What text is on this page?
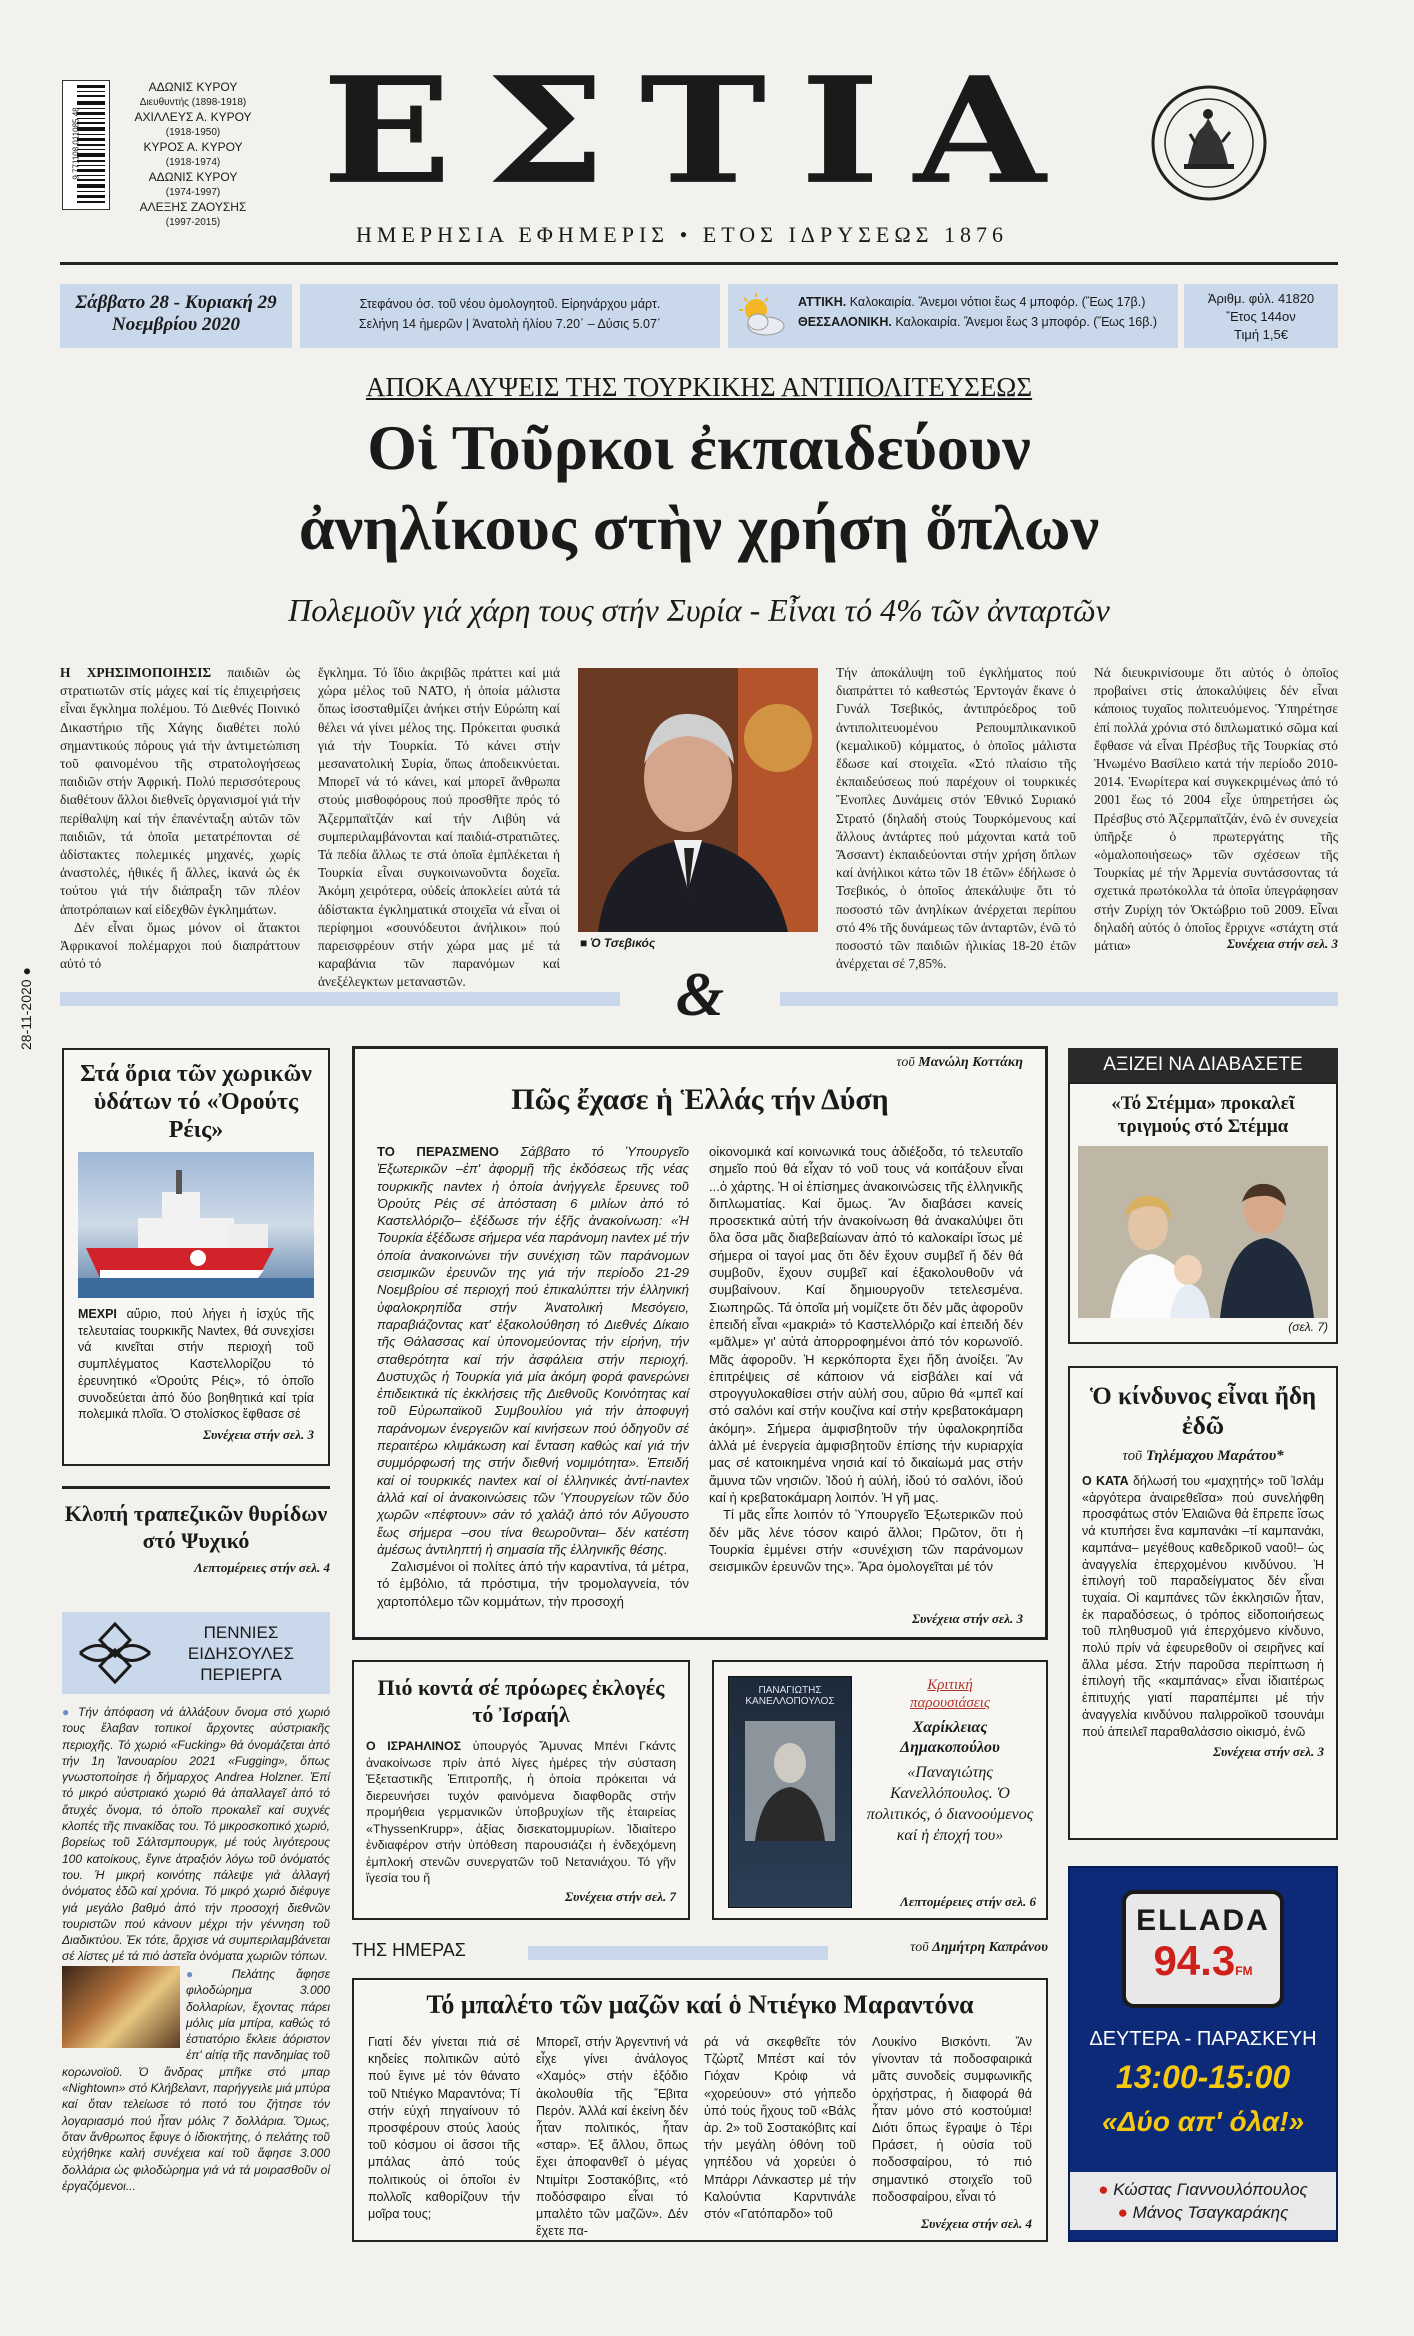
9 771108 011085 48
ΑΔΩΝΙΣ ΚΥΡΟΥ
Διευθυντής (1898-1918)
ΑΧΙΛΛΕΥΣ Α. ΚΥΡΟΥ
(1918-1950)
ΚΥΡΟΣ Α. ΚΥΡΟΥ
(1918-1974)
ΑΔΩΝΙΣ ΚΥΡΟΥ
(1974-1997)
ΑΛΕΞΗΣ ΖΑΟΥΣΗΣ
(1997-2015)
ΕΣΤΙΑ
ΗΜΕΡΗΣΙΑ ΕΦΗΜΕΡΙΣ • ΕΤΟΣ ΙΔΡΥΣΕΩΣ 1876
Σάββατο 28 - Κυριακή 29
Νοεμβρίου 2020
Στεφάνου όσ. τοῦ νέου ὁμολογητοῦ. Εἰρηνάρχου μάρτ.
Σελήνη 14 ἡμερῶν | Ἀνατολὴ ἡλίου 7.20΄ – Δύσις 5.07΄
ΑΤΤΙΚΗ. Καλοκαιρία. Ἄνεμοι νότιοι ἕως 4 μποφόρ. (Ἕως 17β.)
ΘΕΣΣΑΛΟΝΙΚΗ. Καλοκαιρία. Ἄνεμοι ἕως 3 μποφόρ. (Ἕως 16β.)
Ἀριθμ. φύλ. 41820
Ἔτος 144ον
Τιμή 1,5€
28-11-2020 ●
ΑΠΟΚΑΛΥΨΕΙΣ ΤΗΣ ΤΟΥΡΚΙΚΗΣ ΑΝΤΙΠΟΛΙΤΕΥΣΕΩΣ
Οἱ Τοῦρκοι ἐκπαιδεύουν
ἀνηλίκους στὴν χρήση ὅπλων
Πολεμοῦν γιά χάρη τους στήν Συρία - Εἶναι τό 4% τῶν ἀνταρτῶν
Η ΧΡΗΣΙΜΟΠΟΙΗΣΙΣ παιδιῶν ὡς στρατιωτῶν στίς μάχες καί τίς ἐπιχειρήσεις εἶναι ἔγκλημα πολέμου. Τό Διεθνές Ποινικό Δικαστήριο τῆς Χάγης διαθέτει πολύ σημαντικούς πόρους γιά τήν ἀντιμετώπιση τοῦ φαινομένου τῆς στρατολογήσεως παιδιῶν στήν Ἀφρική. Πολύ περισσότερους διαθέτουν ἄλλοι διεθνεῖς ὀργανισμοί γιά τήν περίθαλψη καί τήν ἐπανένταξη αὐτῶν τῶν παιδιῶν, τά ὁποῖα μετατρέπονται σέ ἀδίστακτες πολεμικές μηχανές, χωρίς ἀναστολές, ἠθικές ἤ ἄλλες, ἱκανά ὡς ἐκ τούτου γιά τήν διάπραξη τῶν πλέον ἀποτρόπαιων καί εἰδεχθῶν ἐγκλημάτων.

Δέν εἶναι ὅμως μόνον οἱ ἄτακτοι Ἀφρικανοί πολέμαρχοι πού διαπράττουν αὐτό τό

ἔγκλημα. Τό ἴδιο ἀκριβῶς πράττει καί μιά χώρα μέλος τοῦ ΝΑΤΟ, ἡ ὁποία μάλιστα ὅπως ἰσοσταθμίζει ἀνήκει στήν Εὐρώπη καί θέλει νά γίνει μέλος της. Πρόκειται φυσικά γιά τήν Τουρκία. Τό κάνει στήν μεσανατολική Συρία, ὅπως ἀποδεικνύεται. Μπορεῖ νά τό κάνει, καί μπορεῖ ἄνθρωπα στούς μισθοφόρους πού προσθῆτε πρός τό Ἀζερμπαϊτζάν καί τήν Λιβύη νά συμπεριλαμβάνονται καί παιδιά-στρατιῶτες. Τά πεδία ἄλλως τε στά ὁποῖα ἐμπλέκεται ἡ Τουρκία εἶναι συγκοινωνοῦντα δοχεῖα. Ἀκόμη χειρότερα, οὐδείς ἀποκλείει αὐτά τά ἀδίστακτα ἐγκληματικά στοιχεῖα νά εἶναι οἱ περίφημοι «σουνόδευτοι ἀνήλικοι» πού παρεισφρέουν στήν χώρα μας μέ τά καραβάνια τῶν παρανόμων καί ἀνεξέλεγκτων μεταναστῶν.
■ Ὁ Τσεβικός
Τήν ἀποκάλυψη τοῦ ἐγκλήματος πού διαπράττει τό καθεστώς Ἐρντογάν ἔκανε ὁ Γυνάλ Τσεβικός, ἀντιπρόεδρος τοῦ ἀντιπολιτευομένου Ρεπουμπλικανικοῦ (κεμαλικοῦ) κόμματος, ὁ ὁποῖος μάλιστα ἔδωσε καί στοιχεῖα. «Στό πλαίσιο τῆς ἐκπαιδεύσεως πού παρέχουν οἱ τουρκικές Ἔνοπλες Δυνάμεις στόν Ἐθνικό Συριακό Στρατό (δηλαδή στούς Τουρκόμενους καί ἄλλους ἀντάρτες πού μάχονται κατά τοῦ Ἄσσαντ) ἐκπαιδεύονται στήν χρήση ὅπλων καί ἀνήλικοι κάτω τῶν 18 ἐτῶν» ἐδήλωσε ὁ Τσεβικός, ὁ ὁποῖος ἀπεκάλυψε ὅτι τό ποσοστό τῶν ἀνηλίκων ἀνέρχεται περίπου στό 4% τῆς δυνάμεως τῶν ἀνταρτῶν, ἐνῶ τό ποσοστό τῶν παιδιῶν ἡλικίας 18-20 ἐτῶν ἀνέρχεται σέ 7,85%.
Νά διευκρινίσουμε ὅτι αὐτός ὁ ὁποῖος προβαίνει στίς ἀποκαλύψεις δέν εἶναι κάποιος τυχαῖος πολιτευόμενος. Ὑπηρέτησε ἐπί πολλά χρόνια στό διπλωματικό σῶμα καί ἔφθασε νά εἶναι Πρέσβυς τῆς Τουρκίας στό Ἠνωμένο Βασίλειο κατά τήν περίοδο 2010-2014. Ἐνωρίτερα καί συγκεκριμένως ἀπό τό 2001 ἕως τό 2004 εἶχε ὑπηρετήσει ὡς Πρέσβυς στό Ἀζερμπαϊτζάν, ἐνῶ ἐν συνεχεία ὑπῆρξε ὁ πρωτεργάτης τῆς «ὁμαλοποιήσεως» τῶν σχέσεων τῆς Τουρκίας μέ τήν Ἀρμενία συντάσσοντας τά σχετικά πρωτόκολλα τά ὁποῖα ὑπεγράφησαν στήν Ζυρίχη τόν Ὀκτώβριο τοῦ 2009. Εἶναι δηλαδή αὐτός ὁ ὁποῖος ἔρριχνε «στάχτη στά μάτια»	Συνέχεια στήν σελ. 3
&
Στά ὅρια τῶν χωρικῶν ὑδάτων τό «Ὀρούτς Ρέις»
ΜΕΧΡΙ αὔριο, πού λήγει ἡ ἰσχύς τῆς τελευταίας τουρκικῆς Navtex, θά συνεχίσει νά κινεῖται στήν περιοχή τοῦ συμπλέγματος Καστελλορίζου τό ἐρευνητικό «Ὀρούτς Ρέις», τό ὁποῖο συνοδεύεται ἀπό δύο βοηθητικά καί τρία πολεμικά πλοῖα. Ὁ στολίσκος ἔφθασε σέ
Συνέχεια στήν σελ. 3
Κλοπή τραπεζικῶν θυρίδων στό Ψυχικό
Λεπτομέρειες στήν σελ. 4
ΠΕΝΝΙΕΣ
ΕΙΔΗΣΟΥΛΕΣ
ΠΕΡΙΕΡΓΑ
● Τήν ἀπόφαση νά ἀλλάξουν ὄνομα στό χωριό τους ἔλαβαν τοπικοί ἄρχοντες αὐστριακῆς περιοχῆς. Τό χωριό «Fucking» θά ὀνομάζεται ἀπό τήν 1η Ἰανουαρίου 2021 «Fugging», ὅπως γνωστοποίησε ἡ δήμαρχος Andrea Holzner. Ἐπί τό μικρό αὐστριακό χωριό θά ἀπαλλαγεῖ ἀπό τό ἄτυχές ὄνομα, τό ὁποῖο προκαλεῖ καί συχνές κλοπές τῆς πινακίδας του. Τό μικροσκοπικό χωριό, βορείως τοῦ Σάλτσμπουργκ, μέ τούς λιγότερους 100 κατοίκους, ἔγινε ἀτραξιόν λόγω τοῦ ὀνόματός του. Ἡ μικρή κοινότης πάλεψε γιά ἀλλαγή ὀνόματος ἐδῶ καί χρόνια. Τό μικρό χωριό διέφυγε γιά μεγάλο βαθμό ἀπό τήν προσοχή διεθνῶν τουριστῶν πού κάνουν μέχρι τήν γέννηση τοῦ Διαδικτύου. Ἐκ τότε, ἄρχισε νά συμπεριλαμβάνεται σέ λίστες μέ τά πιό ἀστεῖα ὀνόματα χωριῶν τόπων.
● Πελάτης ἄφησε φιλοδώρημα 3.000 δολλαρίων, ἔχοντας πάρει μόλις μία μπίρα, καθώς τό ἑστιατόριο ἔκλειε ἀόριστον ἐπ' αἰτίᾳ τῆς πανδημίας τοῦ κορωνοϊοῦ. Ὁ ἄνδρας μπῆκε στό μπαρ «Nightown» στό Κλήβελαντ, παρήγγειλε μιά μπύρα καί ὅταν τελείωσε τό ποτό του ζήτησε τόν λογαριασμό πού ἦταν μόλις 7 δολλάρια. Ὅμως, ὅταν ἄνθρωπος ἔφυγε ὁ ἰδιοκτήτης, ὁ πελάτης τοῦ εὐχήθηκε καλή συνέχεια καί τοῦ ἄφησε 3.000 δολλάρια ὡς φιλοδώρημα γιά νά τά μοιρασθοῦν οἱ ἐργαζόμενοι...
τοῦ Μανώλη Κοττάκη
Πῶς ἔχασε ἡ Ἑλλάς τήν Δύση
ΤΟ ΠΕΡΑΣΜΕΝΟ Σάββατο τό Ὑπουργεῖο Ἐξωτερικῶν –ἐπ' ἀφορμῇ τῆς ἐκδόσεως τῆς νέας τουρκικῆς navtex ἡ ὁποία ἀνήγγελε ἔρευνες τοῦ Ὀρούτς Ρέις σέ ἀπόσταση 6 μιλίων ἀπό τό Καστελλόριζο– ἐξέδωσε τήν ἑξῆς ἀνακοίνωση: «Ἡ Τουρκία ἐξέδωσε σήμερα νέα παράνομη navtex μέ τήν ὁποία ἀνακοινώνει τήν συνέχιση τῶν παράνομων σεισμικῶν ἐρευνῶν της γιά τήν περίοδο 21-29 Νοεμβρίου σέ περιοχή πού ἐπικαλύπτει τήν ἑλληνική ὑφαλοκρηπίδα στήν Ἀνατολική Μεσόγειο, παραβιάζοντας κατ' ἐξακολούθηση τό Διεθνές Δίκαιο τῆς Θάλασσας καί ὑπονομεύοντας τήν εἰρήνη, τήν σταθερότητα καί τήν ἀσφάλεια στήν περιοχή. Δυστυχῶς ἡ Τουρκία γιά μία ἀκόμη φορά φανερώνει ἐπιδεικτικά τίς ἐκκλήσεις τῆς Διεθνοῦς Κοινότητας καί τοῦ Εὐρωπαϊκοῦ Συμβουλίου γιά τήν ἀποφυγή παράνομων ἐνεργειῶν καί κινήσεων πού ὁδηγοῦν σέ περαιτέρω κλιμάκωση καί ἔνταση καθώς καί γιά τήν συμμόρφωσή της στήν διεθνή νομιμότητα». Ἐπειδή καί οἱ τουρκικές navtex καί οἱ ἑλληνικές ἀντί-navtex ἀλλά καί οἱ ἀνακοινώσεις τῶν Ὑπουργείων τῶν δύο χωρῶν «πέφτουν» σάν τό χαλάζι ἀπό τόν Αὔγουστο ἕως σήμερα –σου τίνα θεωροῦνται– δέν κατέστη ἀμέσως ἀντιληπτή ἡ σημασία τῆς ἑλληνικῆς θέσης.

Ζαλισμένοι οἱ πολίτες ἀπό τήν καραντίνα, τά μέτρα, τό ἐμβόλιο, τά πρόστιμα, τήν τρομολαγνεία, τόν χαρτοπόλεμο τῶν κομμάτων, τήν προσοχή

οἰκονομικά καί κοινωνικά τους ἀδιέξοδα, τό τελευταῖο σημεῖο πού θά εἶχαν τό νοῦ τους νά κοιτάξουν εἶναι ...ὁ χάρτης. Ἡ οἱ ἐπίσημες ἀνακοινώσεις τῆς ἑλληνικῆς διπλωματίας. Καί ὅμως. Ἄν διαβάσει κανείς προσεκτικά αὐτή τήν ἀνακοίνωση θά ἀνακαλύψει ὅτι ὅλα ὅσα μᾶς διαβεβαίωναν ἀπό τό καλοκαίρι ἴσως μέ σήμερα οἱ ταγοί μας ὅτι δέν ἔχουν συμβεῖ ἤ δέν θά συμβοῦν, ἔχουν συμβεῖ καί ἐξακολουθοῦν νά συμβαίνουν. Καί δημιουργοῦν τετελεσμένα. Σιωπηρῶς. Τά ὁποῖα μή νομίζετε ὅτι δέν μᾶς ἀφοροῦν ἐπειδή εἶναι «μακριά» τό Καστελλόριζο καί ἐπειδή δέν «μᾶλμε» γι' αὐτά ἀπορροφημένοι ἀπό τόν κορωνοϊό. Μᾶς ἀφοροῦν. Ἡ κερκόπορτα ἔχει ἤδη ἀνοίξει. Ἄν ἐπιτρέψεις σέ κάποιον νά εἰσβάλει καί νά στρογγυλοκαθίσει στήν αὐλή σου, αὔριο θά «μπεῖ καί στό σαλόνι καί στήν κουζίνα καί στήν κρεβατοκάμαρη ἀκόμη». Σήμερα ἀμφισβητοῦν τήν ὑφαλοκρηπίδα ἀλλά μέ ἐνεργεία ἀμφισβητοῦν ἐπίσης τήν κυριαρχία μας σέ κατοικημένα νησιά καί τό δικαίωμά μας στήν ἄμυνα τῶν νησιῶν. Ἰδού ἡ αὐλή, ἰδού τό σαλόνι, ἰδού καί ἡ κρεβατοκάμαρη λοιπόν. Ἡ γῆ μας.

Τί μᾶς εἶπε λοιπόν τό Ὑπουργεῖο Ἐξωτερικῶν πού δέν μᾶς λένε τόσον καιρό ἄλλοι; Πρῶτον, ὅτι ἡ Τουρκία ἐμμένει στήν «συνέχιση τῶν παράνομων σεισμικῶν ἐρευνῶν της». Ἄρα ὁμολογεῖται μέ τόν

Συνέχεια στήν σελ. 3
ΑΞΙΖΕΙ ΝΑ ΔΙΑΒΑΣΕΤΕ
«Τό Στέμμα» προκαλεῖ τριγμούς στό Στέμμα
(σελ. 7)
Ὁ κίνδυνος εἶναι ἤδη ἐδῶ
τοῦ Τηλέμαχου Μαράτου*
Ο ΚΑΤΑ δήλωσή του «μαχητής» τοῦ Ἰσλάμ «ἀργότερα ἀναιρεθεῖσα» πού συνελήφθη προσφάτως στόν Ἐλαιῶνα θά ἔπρεπε ἴσως νά κτυπήσει ἕνα καμπανάκι –τί καμπανάκι, καμπάνα– μεγέθους καθεδρικοῦ ναοῦ!– ὡς ἀναγγελία ἐπερχομένου κινδύνου. Ἡ ἐπιλογή τοῦ παραδείγματος δέν εἶναι τυχαία. Οἱ καμπάνες τῶν ἐκκλησιῶν ἦταν, ἐκ παραδόσεως, ὁ τρόπος εἰδοποιήσεως τοῦ πληθυσμοῦ γιά ἐπερχόμενο κίνδυνο, πολύ πρίν νά ἐφευρεθοῦν οἱ σειρῆνες καί ἄλλα μέσα. Στήν παροῦσα περίπτωση ἡ ἐπιλογή τῆς «καμπάνας» εἶναι ἰδιαιτέρως ἐπιτυχής γιατί παραπέμπει μέ τήν ἀναγγελία κινδύνου παλιρροϊκοῦ τσουνάμι πού ἀπειλεῖ παραθαλάσσιο οἰκισμό, ἐνῶ
Συνέχεια στήν σελ. 3
Πιό κοντά σέ πρόωρες ἐκλογές τό Ἰσραήλ
Ο ΙΣΡΑΗΛΙΝΟΣ ὑπουργός Ἄμυνας Μπένι Γκάντς ἀνακοίνωσε πρίν ἀπό λίγες ἡμέρες τήν σύσταση Ἐξεταστικῆς Ἐπιτροπῆς, ἡ ὁποία πρόκειται νά διερευνήσει τυχόν φαινόμενα διαφθορᾶς στήν προμήθεια γερμανικῶν ὑποβρυχίων τῆς ἑταιρείας «ThyssenKrupp», ἀξίας δισεκατομμυρίων. Ἰδιαίτερο ἐνδιαφέρον στήν ὑπόθεση παρουσιάζει ἡ ἐνδεχόμενη ἐμπλοκή στενῶν συνεργατῶν τοῦ Νετανιάχου. Τό γῆν ἴγεσία του ἤ
Συνέχεια στήν σελ. 7
ΠΑΝΑΓΙΩΤΗΣ ΚΑΝΕΛΛΟΠΟΥΛΟΣ
Κριτική
παρουσιάσεις
Χαρίκλειας
Δημακοπούλου
«Παναγιώτης Κανελλόπουλος. Ὁ πολιτικός, ὁ διανοούμενος καί ἡ ἐποχή του»
Λεπτομέρειες στήν σελ. 6
ΤΗΣ ΗΜΕΡΑΣ	τοῦ Δημήτρη Καπράνου
Τό μπαλέτο τῶν μαζῶν καί ὁ Ντιέγκο Μαραντόνα
Γιατί δέν γίνεται πιά σέ κηδείες πολιτικῶν αὐτό πού ἔγινε μέ τόν θάνατο τοῦ Ντιέγκο Μαραντόνα; Τί στήν εὐχή πηγαίνουν τό προσφέρουν στούς λαούς τοῦ κόσμου οἱ ἄσσοι τῆς μπάλας ἀπό τούς πολιτικούς οἱ ὁποῖοι ἐν πολλοῖς καθορίζουν τήν μοῖρα τους;
Μπορεῖ, στήν Ἀργεντινή νά εἶχε γίνει ἀνάλογος «Χαμός» στήν ἐξόδιο ἀκολουθία τῆς Ἔβιτα Περόν. Ἀλλά καί ἐκείνη δέν ἦταν πολιτικός, ἦταν «σταρ». Ἐξ ἄλλου, ὅπως ἔχει ἀποφανθεῖ ὁ μέγας Ντιμίτρι Σοστακόβιτς, «τό ποδόσφαιρο εἶναι τό μπαλέτο τῶν μαζῶν». Δέν ἔχετε πα-
ρά νά σκεφθεῖτε τόν Τζώρτζ Μπέστ καί τόν Γιόχαν Κρόιφ νά «χορεύουν» στό γήπεδο ὑπό τούς ἤχους τοῦ «Βάλς ἀρ. 2» τοῦ Σοστακόβιτς καί τήν μεγάλη ὁθόνη τοῦ γηπέδου νά χορεύει ὁ Μπάρρι Λάνκαστερ μέ τήν Καλούντια Καρντινάλε στόν «Γατόπαρδο» τοῦ
Λουκίνο Βισκόντι. Ἄν γίνονταν τά ποδοσφαιρικά μᾶτς συνοδείς συμφωνικῆς ὀρχήστρας, ἡ διαφορά θά ἦταν μόνο στό κοστούμια! Διότι ὅπως ἔγραψε ὁ Τέρι Πράσετ, ἡ οὐσία τοῦ ποδοσφαίρου, τό πιό σημαντικό στοιχεῖο τοῦ ποδοσφαίρου, εἶναι τό
Συνέχεια στήν σελ. 4
ELLADA
94.3FM
ΔΕΥΤΕΡΑ - ΠΑΡΑΣΚΕΥΗ
13:00-15:00
«Δύο απ' όλα!»
● Κώστας Γιαννουλόπουλος
● Μάνος Τσαγκαράκης
